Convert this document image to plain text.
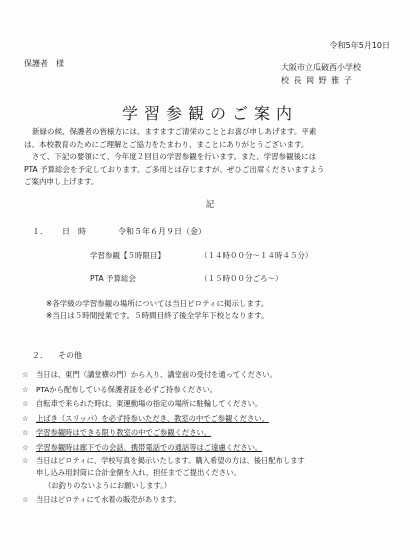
令和5年5月10日
保護者　様	大阪市立瓜破西小学校
校 長 岡 野 雅 子
学習参観のご案内

新緑の候、保護者の皆様方には、ますますご清栄のこととお喜び申しあげます。平素

は、本校教育のためにご理解とご協力をたまわり、まことにありがとうございます。

さて、下記の要領にて、今年度２回目の学習参観を行います。また、学習参観後には

PTA 予算総会を予定しております。ご多用とは存じますが、ぜひご出席くださいますよう

ご案内申し上げます。

記
１． 日　時	令和５年６月９日（金）
学習参観【５時限目】	（１４時００分～１４時４５分）
PTA 予算総会	（１５時００分ごろ～）

※各学級の学習参観の場所については当日ピロティに掲示します。

※当日は５時間授業です。５時間目終了後全学年下校となります。

２． その他
☆ 当日は、東門（講堂横の門）から入り、講堂前の受付を通ってください。
☆ PTAから配布している保護者証を必ずご持参ください。
☆ 自転車で来られた時は、東運動場の指定の場所に駐輪してください。
☆ 上ばき（スリッパ）を必ず持参いただき、教室の中でご参観ください。
☆ 学習参観時はできる限り教室の中でご参観ください。
☆ 学習参観時は廊下での会話、携帯電話での通話等はご遠慮ください。
☆ 当日はピロティに、学校写真を掲示いたします。購入希望の方は、後日配布します
申し込み用封筒に合計金額を入れ、担任までご提出ください。
（お釣りのないようにお願いします。）
☆ 当日はピロティにて水着の販売があります。
